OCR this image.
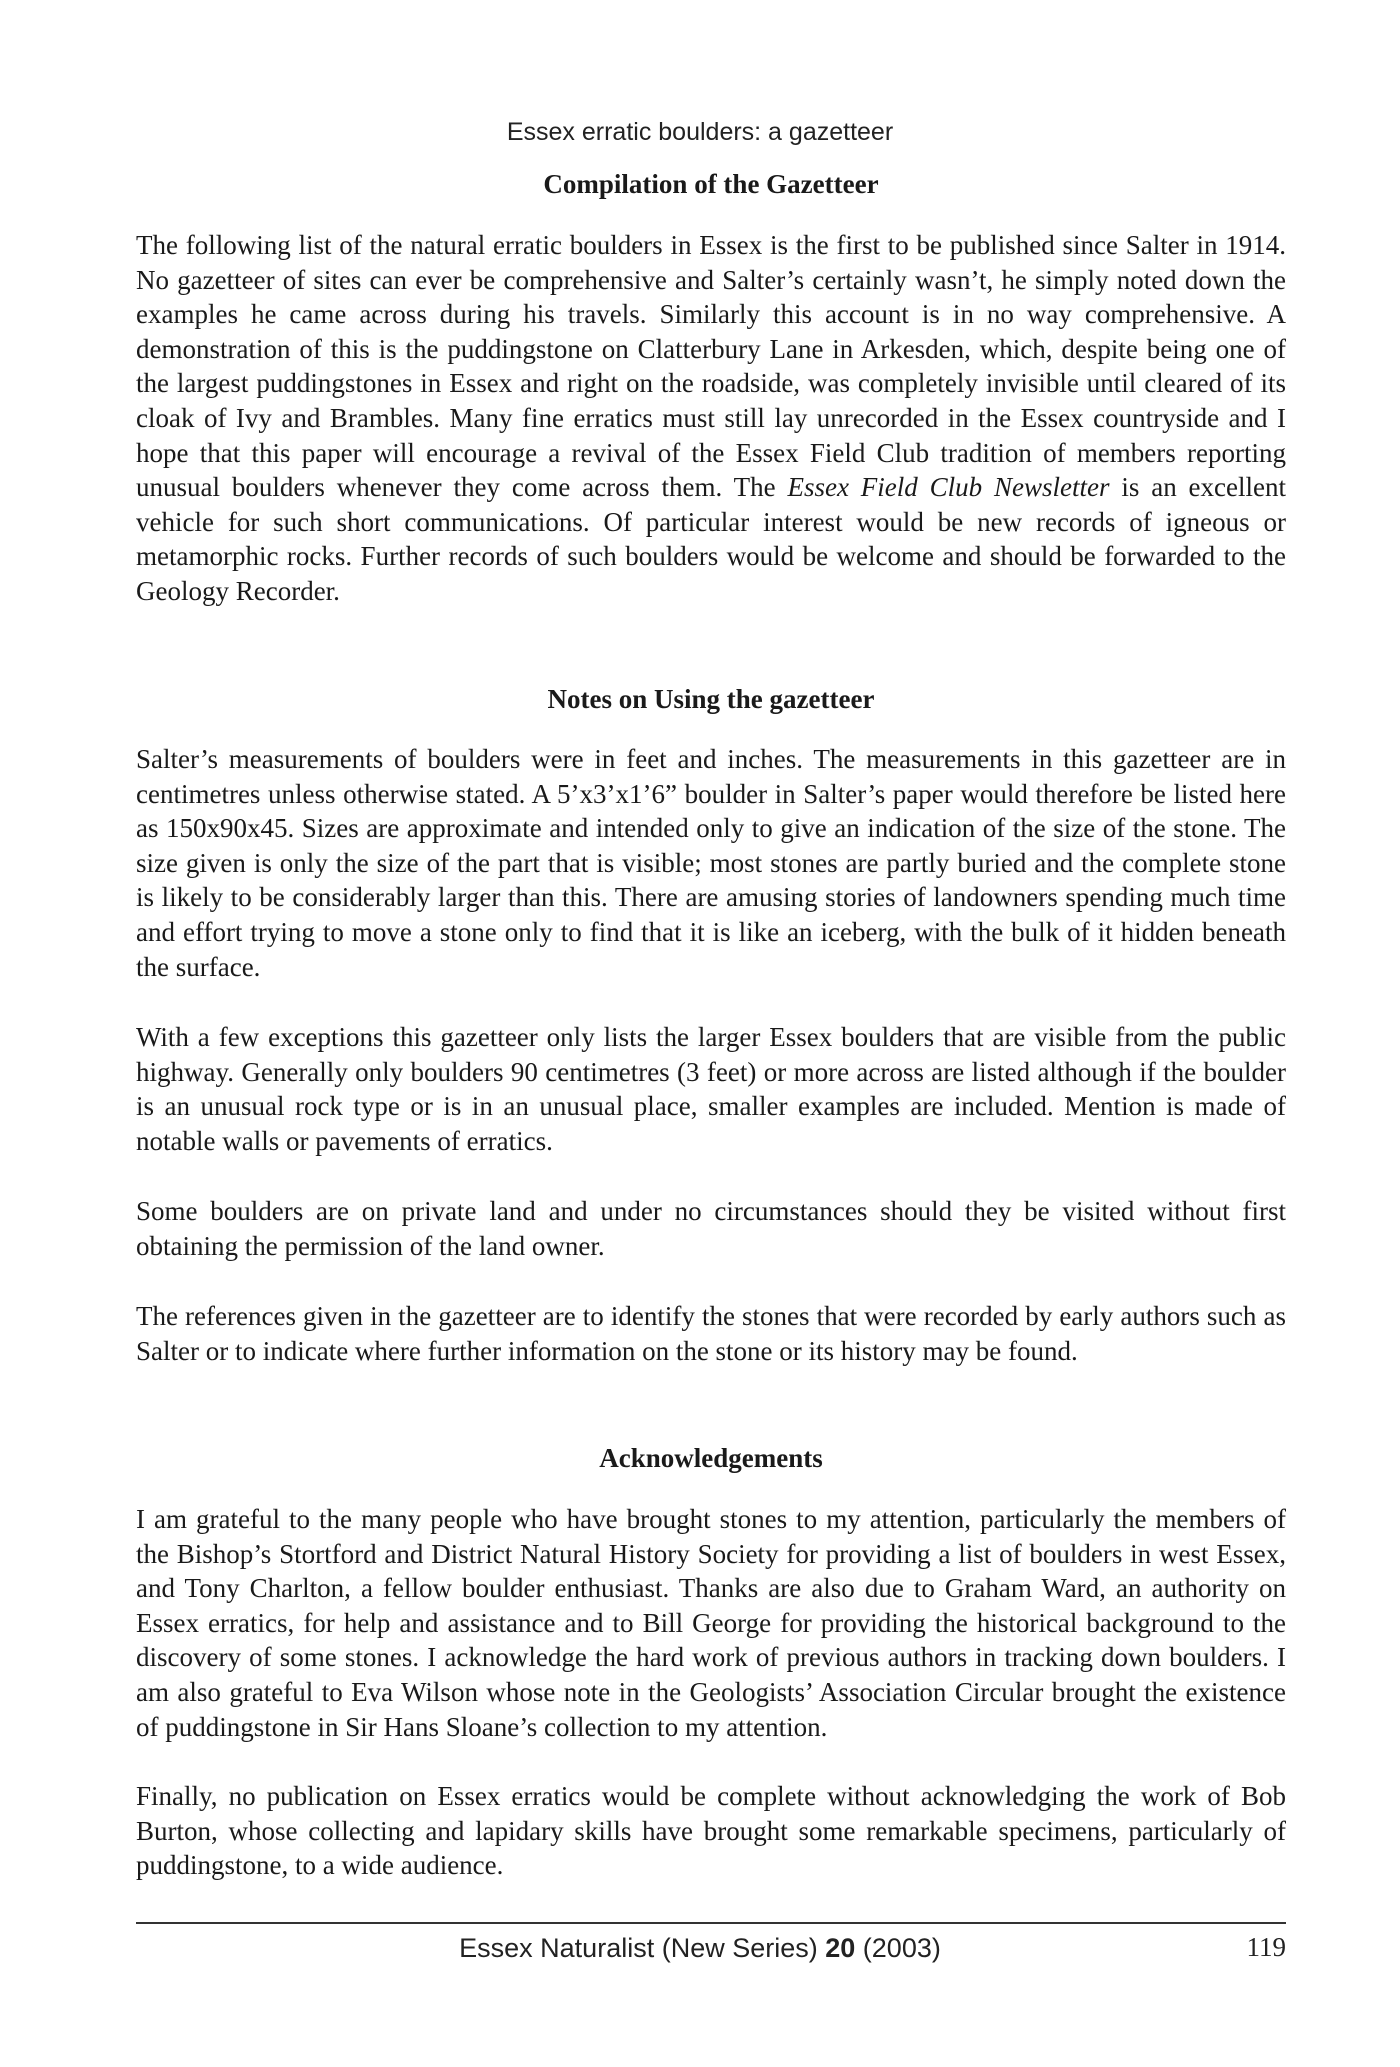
Essex erratic boulders: a gazetteer
Compilation of the Gazetteer

The following list of the natural erratic boulders in Essex is the first to be published since Salter in 1914. No gazetteer of sites can ever be comprehensive and Salter’s certainly wasn’t, he simply noted down the examples he came across during his travels. Similarly this account is in no way comprehensive. A demonstration of this is the puddingstone on Clatterbury Lane in Arkesden, which, despite being one of the largest puddingstones in Essex and right on the roadside, was completely invisible until cleared of its cloak of Ivy and Brambles. Many fine erratics must still lay unrecorded in the Essex countryside and I hope that this paper will encourage a revival of the Essex Field Club tradition of members reporting unusual boulders whenever they come across them. The Essex Field Club Newsletter is an excellent vehicle for such short communications. Of particular interest would be new records of igneous or metamorphic rocks. Further records of such boulders would be welcome and should be forwarded to the Geology Recorder.

Notes on Using the gazetteer

Salter’s measurements of boulders were in feet and inches. The measurements in this gazetteer are in centimetres unless otherwise stated. A 5’x3’x1’6” boulder in Salter’s paper would therefore be listed here as 150x90x45. Sizes are approximate and intended only to give an indication of the size of the stone. The size given is only the size of the part that is visible; most stones are partly buried and the complete stone is likely to be considerably larger than this. There are amusing stories of landowners spending much time and effort trying to move a stone only to find that it is like an iceberg, with the bulk of it hidden beneath the surface.

With a few exceptions this gazetteer only lists the larger Essex boulders that are visible from the public highway. Generally only boulders 90 centimetres (3 feet) or more across are listed although if the boulder is an unusual rock type or is in an unusual place, smaller examples are included. Mention is made of notable walls or pavements of erratics.

Some boulders are on private land and under no circumstances should they be visited without first obtaining the permission of the land owner.

The references given in the gazetteer are to identify the stones that were recorded by early authors such as Salter or to indicate where further information on the stone or its history may be found.

Acknowledgements

I am grateful to the many people who have brought stones to my attention, particularly the members of the Bishop’s Stortford and District Natural History Society for providing a list of boulders in west Essex, and Tony Charlton, a fellow boulder enthusiast. Thanks are also due to Graham Ward, an authority on Essex erratics, for help and assistance and to Bill George for providing the historical background to the discovery of some stones. I acknowledge the hard work of previous authors in tracking down boulders. I am also grateful to Eva Wilson whose note in the Geologists’ Association Circular brought the existence of puddingstone in Sir Hans Sloane’s collection to my attention.

Finally, no publication on Essex erratics would be complete without acknowledging the work of Bob Burton, whose collecting and lapidary skills have brought some remarkable specimens, particularly of puddingstone, to a wide audience.

Essex Naturalist (New Series) 20 (2003)	119
